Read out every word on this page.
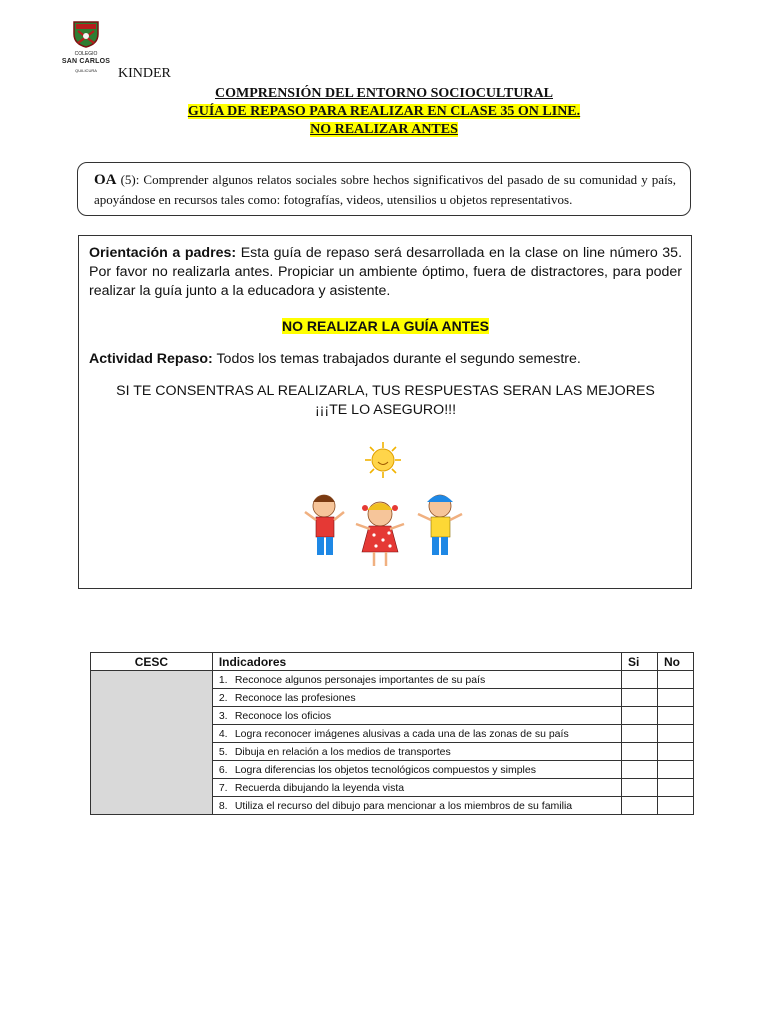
COLEGIO
SAN CARLOS
QUILICURA	KINDER
COMPRENSIÓN DEL ENTORNO SOCIOCULTURAL
GUÍA DE REPASO PARA REALIZAR EN CLASE 35 ON LINE.
NO REALIZAR ANTES
OA (5): Comprender algunos relatos sociales sobre hechos significativos del pasado de su comunidad y país, apoyándose en recursos tales como: fotografías, videos, utensilios u objetos representativos.

Orientación a padres: Esta guía de repaso será desarrollada en la clase on line número 35. Por favor no realizarla antes. Propiciar un ambiente óptimo, fuera de distractores, para poder realizar la guía junto a la educadora y asistente.

NO REALIZAR LA GUÍA ANTES

Actividad Repaso: Todos los temas trabajados durante el segundo semestre.

SI TE CONSENTRAS AL REALIZARLA, TUS RESPUESTAS SERAN LAS MEJORES
¡¡¡TE LO ASEGURO!!!

CESC	Indicadores	Si	No
	1. Reconoce algunos personajes importantes de su país		
	2. Reconoce las profesiones		
	3. Reconoce los oficios		
	4. Logra reconocer imágenes alusivas a cada una de las zonas de su país		
	5. Dibuja en relación a los medios de transportes		
	6. Logra diferencias los objetos tecnológicos compuestos y simples		
	7. Recuerda dibujando la leyenda vista		
	8. Utiliza el recurso del dibujo para mencionar a los miembros de su familia		
